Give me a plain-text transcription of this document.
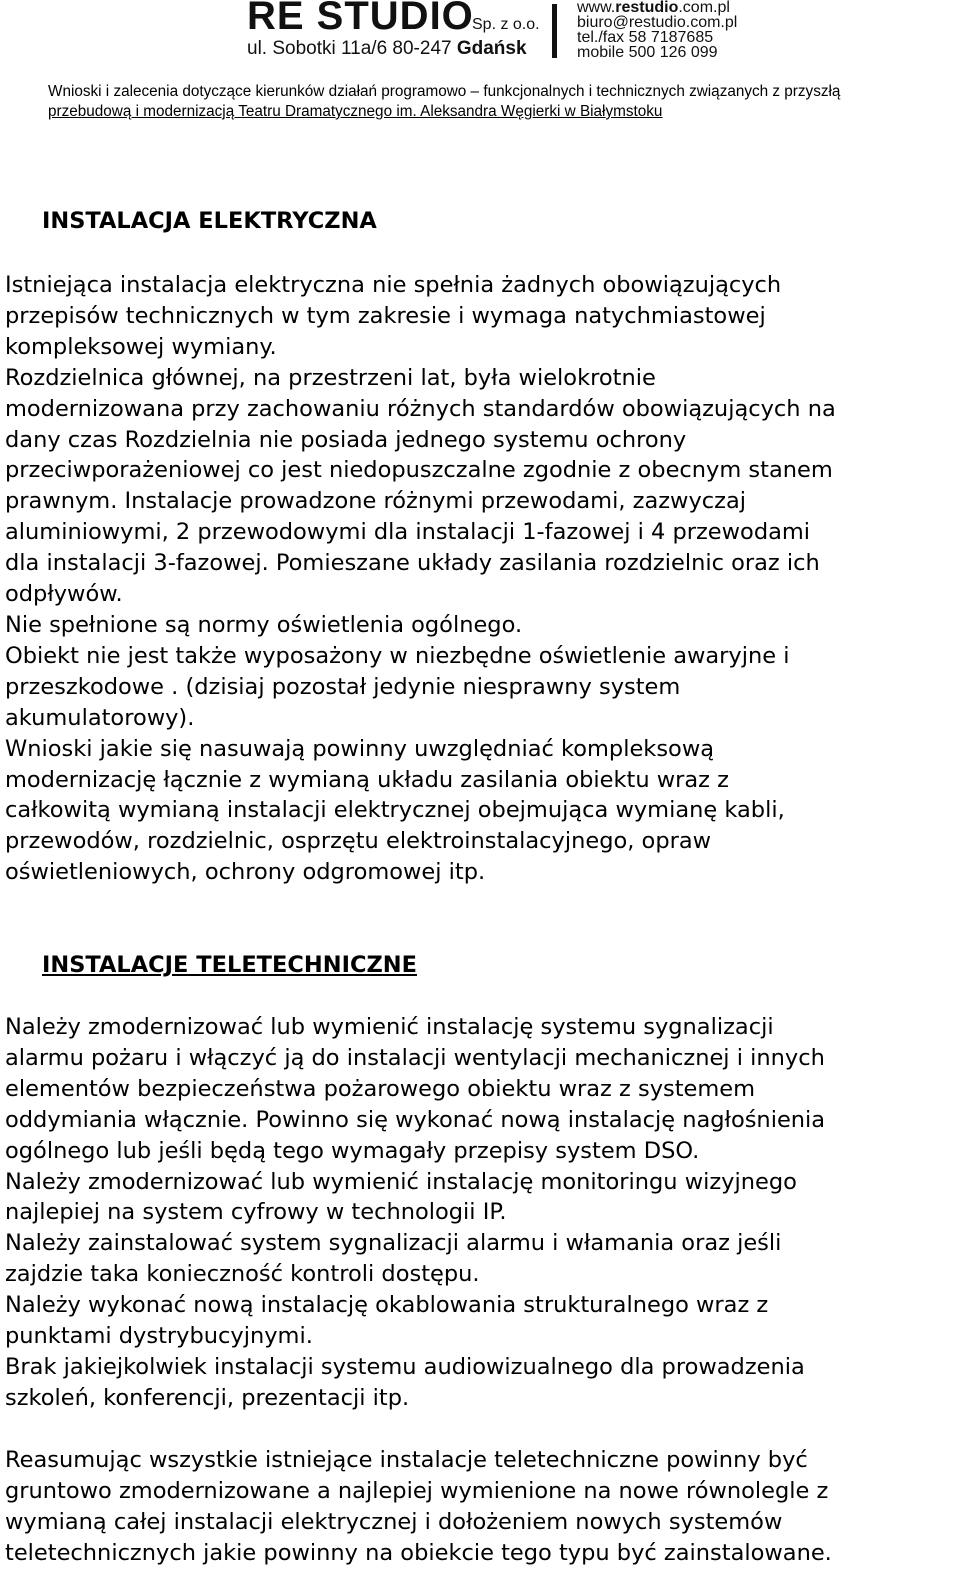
RE STUDIO
Sp. z o.o.
ul. Sobotki 11a/6 80-247 Gdańsk
www.restudio.com.pl
biuro@restudio.com.pl
tel./fax 58 7187685
mobile 500 126 099
Wnioski i zalecenia dotyczące kierunków działań programowo – funkcjonalnych i technicznych związanych z przyszłą
przebudową i modernizacją Teatru Dramatycznego im. Aleksandra Węgierki w Białymstoku
INSTALACJA ELEKTRYCZNA
Istniejąca instalacja elektryczna nie spełnia żadnych obowiązujących
przepisów technicznych w tym zakresie i wymaga natychmiastowej
kompleksowej wymiany.
Rozdzielnica głównej, na przestrzeni lat, była wielokrotnie
modernizowana przy zachowaniu różnych standardów obowiązujących na
dany czas Rozdzielnia nie posiada jednego systemu ochrony
przeciwporażeniowej co jest niedopuszczalne zgodnie z obecnym stanem
prawnym. Instalacje prowadzone różnymi przewodami, zazwyczaj
aluminiowymi, 2 przewodowymi dla instalacji 1-fazowej i 4 przewodami
dla instalacji 3-fazowej. Pomieszane układy zasilania rozdzielnic oraz ich
odpływów.
Nie spełnione są normy oświetlenia ogólnego.
Obiekt nie jest także wyposażony w niezbędne oświetlenie awaryjne i
przeszkodowe . (dzisiaj pozostał jedynie niesprawny system
akumulatorowy).
Wnioski jakie się nasuwają powinny uwzględniać kompleksową
modernizację łącznie z wymianą układu zasilania obiektu wraz z
całkowitą wymianą instalacji elektrycznej obejmująca wymianę kabli,
przewodów, rozdzielnic, osprzętu elektroinstalacyjnego, opraw
oświetleniowych, ochrony odgromowej itp.
INSTALACJE TELETECHNICZNE
Należy zmodernizować lub wymienić instalację systemu sygnalizacji
alarmu pożaru i włączyć ją do instalacji wentylacji mechanicznej i innych
elementów bezpieczeństwa pożarowego obiektu wraz z systemem
oddymiania włącznie. Powinno się wykonać nową instalację nagłośnienia
ogólnego lub jeśli będą tego wymagały przepisy system DSO.
Należy zmodernizować lub wymienić instalację monitoringu wizyjnego
najlepiej na system cyfrowy w technologii IP.
Należy zainstalować system sygnalizacji alarmu i włamania oraz jeśli
zajdzie taka konieczność kontroli dostępu.
Należy wykonać nową instalację okablowania strukturalnego wraz z
punktami dystrybucyjnymi.
Brak jakiejkolwiek instalacji systemu audiowizualnego dla prowadzenia
szkoleń, konferencji, prezentacji itp.
Reasumując wszystkie istniejące instalacje teletechniczne powinny być
gruntowo zmodernizowane a najlepiej wymienione na nowe równolegle z
wymianą całej instalacji elektrycznej i dołożeniem nowych systemów
teletechnicznych jakie powinny na obiekcie tego typu być zainstalowane.
